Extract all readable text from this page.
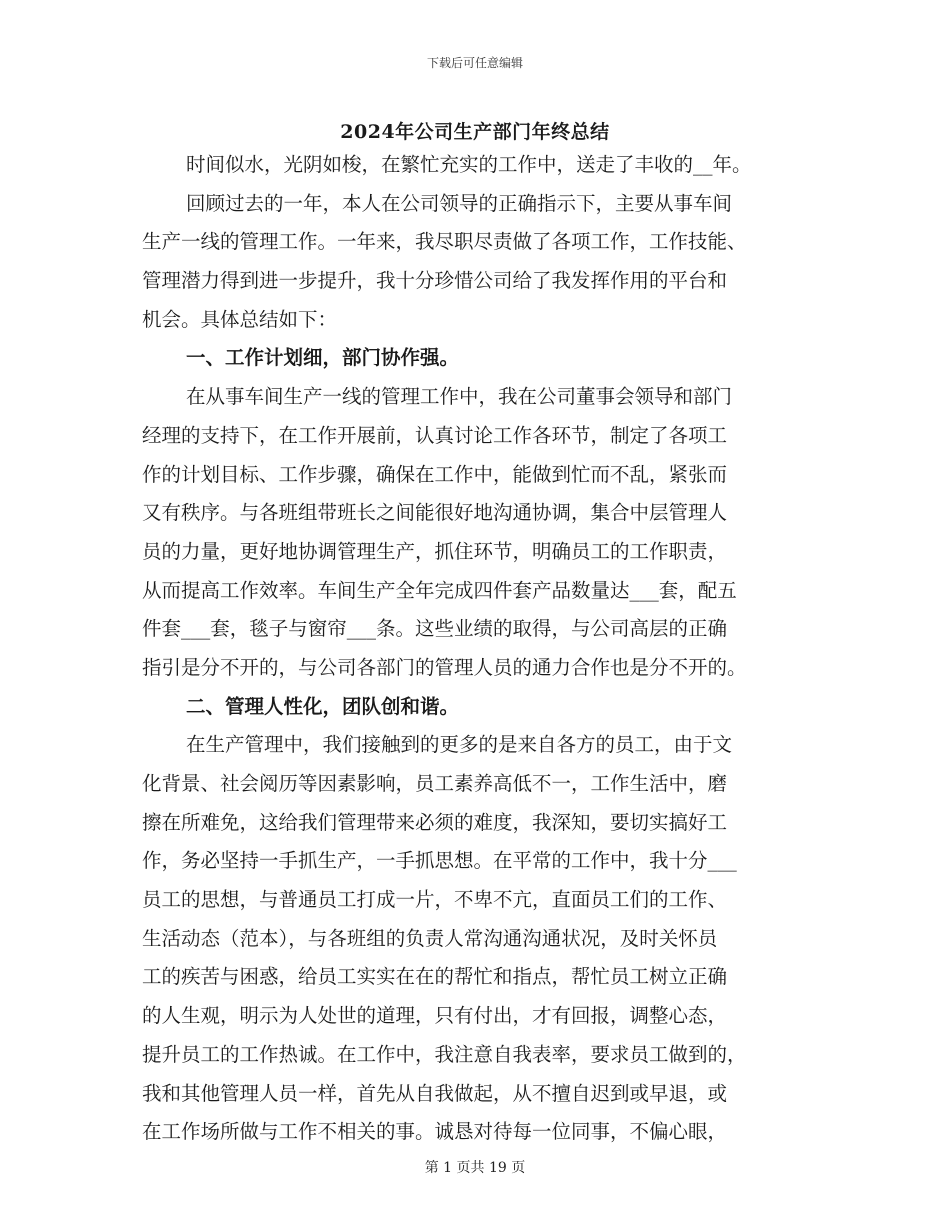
下载后可任意编辑
2024年公司生产部门年终总结
时间似水，光阴如梭，在繁忙充实的工作中，送走了丰收的__年。
回顾过去的一年，本人在公司领导的正确指示下，主要从事车间
生产一线的管理工作。一年来，我尽职尽责做了各项工作，工作技能、
管理潜力得到进一步提升，我十分珍惜公司给了我发挥作用的平台和
机会。具体总结如下：
一、工作计划细，部门协作强。
在从事车间生产一线的管理工作中，我在公司董事会领导和部门
经理的支持下，在工作开展前，认真讨论工作各环节，制定了各项工
作的计划目标、工作步骤，确保在工作中，能做到忙而不乱，紧张而
又有秩序。与各班组带班长之间能很好地沟通协调，集合中层管理人
员的力量，更好地协调管理生产，抓住环节，明确员工的工作职责，
从而提高工作效率。车间生产全年完成四件套产品数量达___套，配五
件套___套，毯子与窗帘___条。这些业绩的取得，与公司高层的正确
指引是分不开的，与公司各部门的管理人员的通力合作也是分不开的。
二、管理人性化，团队创和谐。
在生产管理中，我们接触到的更多的是来自各方的员工，由于文
化背景、社会阅历等因素影响，员工素养高低不一，工作生活中，磨
擦在所难免，这给我们管理带来必须的难度，我深知，要切实搞好工
作，务必坚持一手抓生产，一手抓思想。在平常的工作中，我十分___
员工的思想，与普通员工打成一片，不卑不亢，直面员工们的工作、
生活动态（范本），与各班组的负责人常沟通沟通状况，及时关怀员
工的疾苦与困惑，给员工实实在在的帮忙和指点，帮忙员工树立正确
的人生观，明示为人处世的道理，只有付出，才有回报，调整心态，
提升员工的工作热诚。在工作中，我注意自我表率，要求员工做到的，
我和其他管理人员一样，首先从自我做起，从不擅自迟到或早退，或
在工作场所做与工作不相关的事。诚恳对待每一位同事，不偏心眼，
第 1 页共 19 页
